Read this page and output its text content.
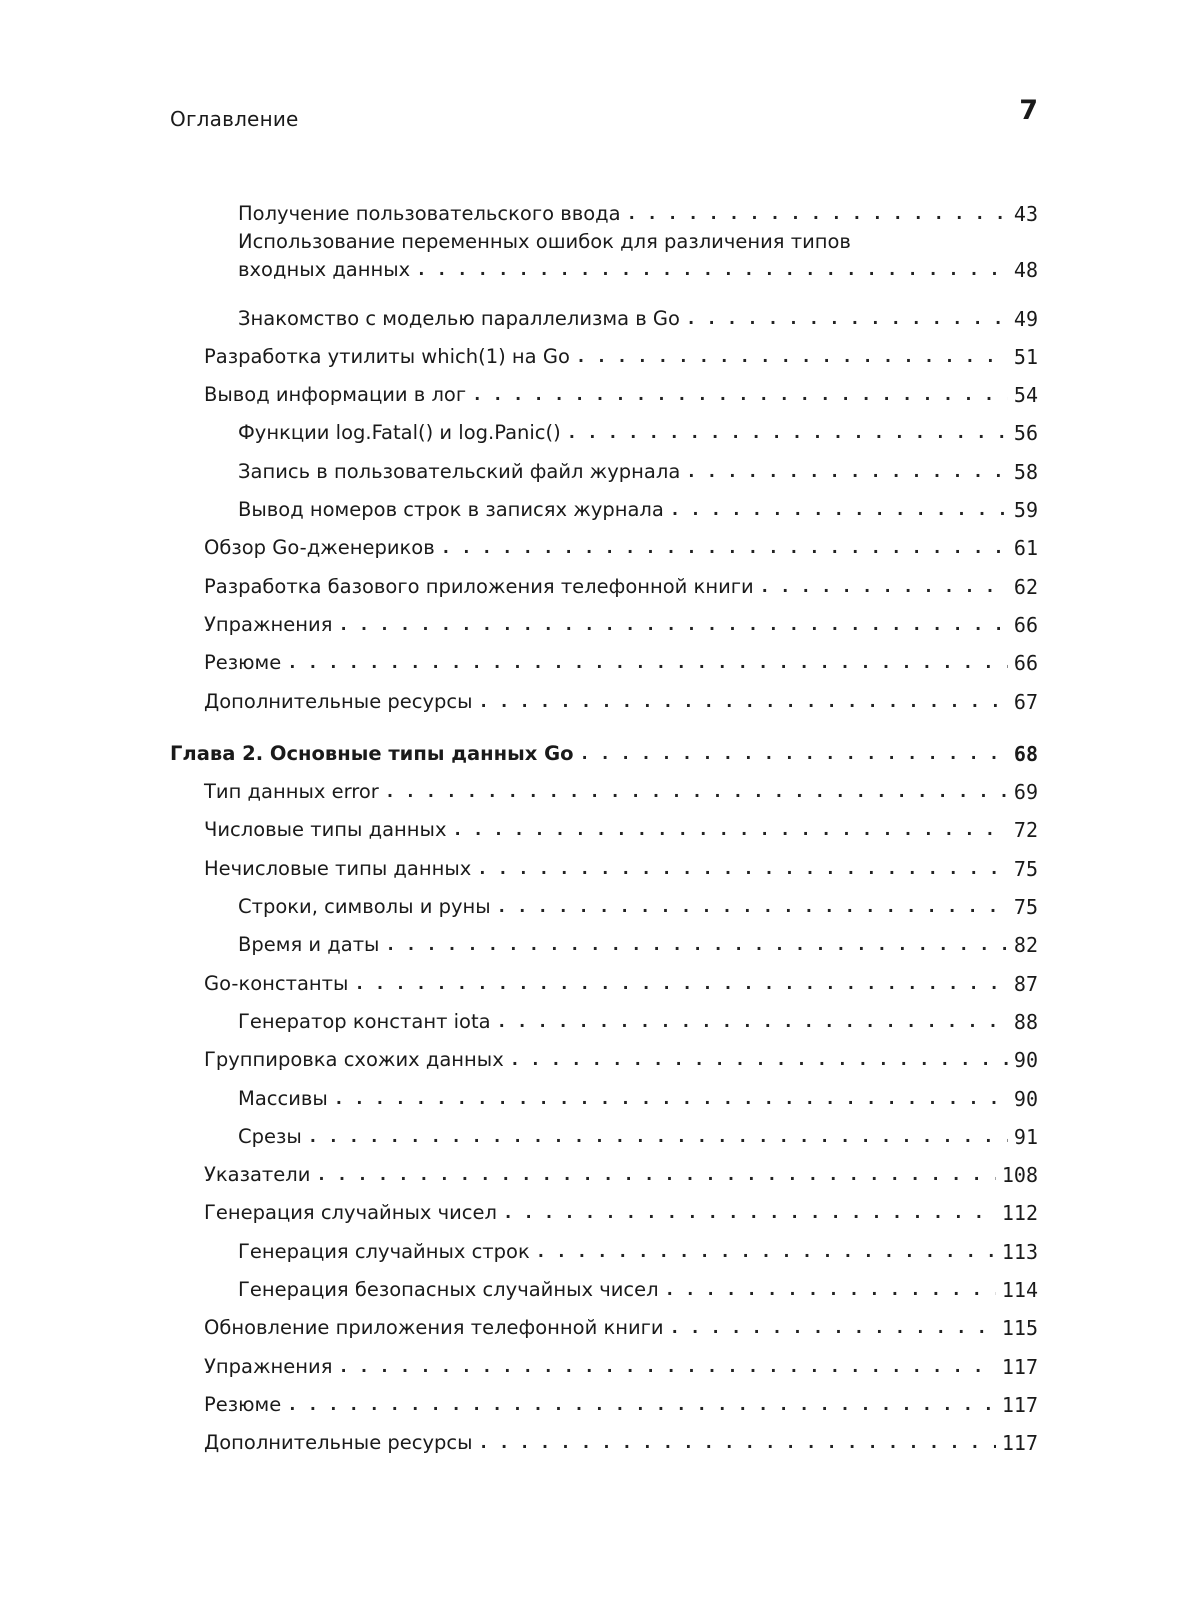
Оглавление	7
Получение пользовательского ввода . . .	43
Использование переменных ошибок для различения типов
входных данных . . .	48
Знакомство с моделью параллелизма в Go . . .	49
Разработка утилиты which(1) на Go . . .	51
Вывод информации в лог . . .	54
Функции log.Fatal() и log.Panic() . . .	56
Запись в пользовательский файл журнала . . .	58
Вывод номеров строк в записях журнала . . .	59
Обзор Go-дженериков . . .	61
Разработка базового приложения телефонной книги . . .	62
Упражнения . . .	66
Резюме . . .	66
Дополнительные ресурсы . . .	67
Глава 2. Основные типы данных Go . . .	68
Тип данных error . . .	69
Числовые типы данных . . .	72
Нечисловые типы данных . . .	75
Строки, символы и руны . . .	75
Время и даты . . .	82
Go-константы . . .	87
Генератор констант iota . . .	88
Группировка схожих данных . . .	90
Массивы . . .	90
Срезы . . .	91
Указатели . . .	108
Генерация случайных чисел . . .	112
Генерация случайных строк . . .	113
Генерация безопасных случайных чисел . . .	114
Обновление приложения телефонной книги . . .	115
Упражнения . . .	117
Резюме . . .	117
Дополнительные ресурсы . . .	117
